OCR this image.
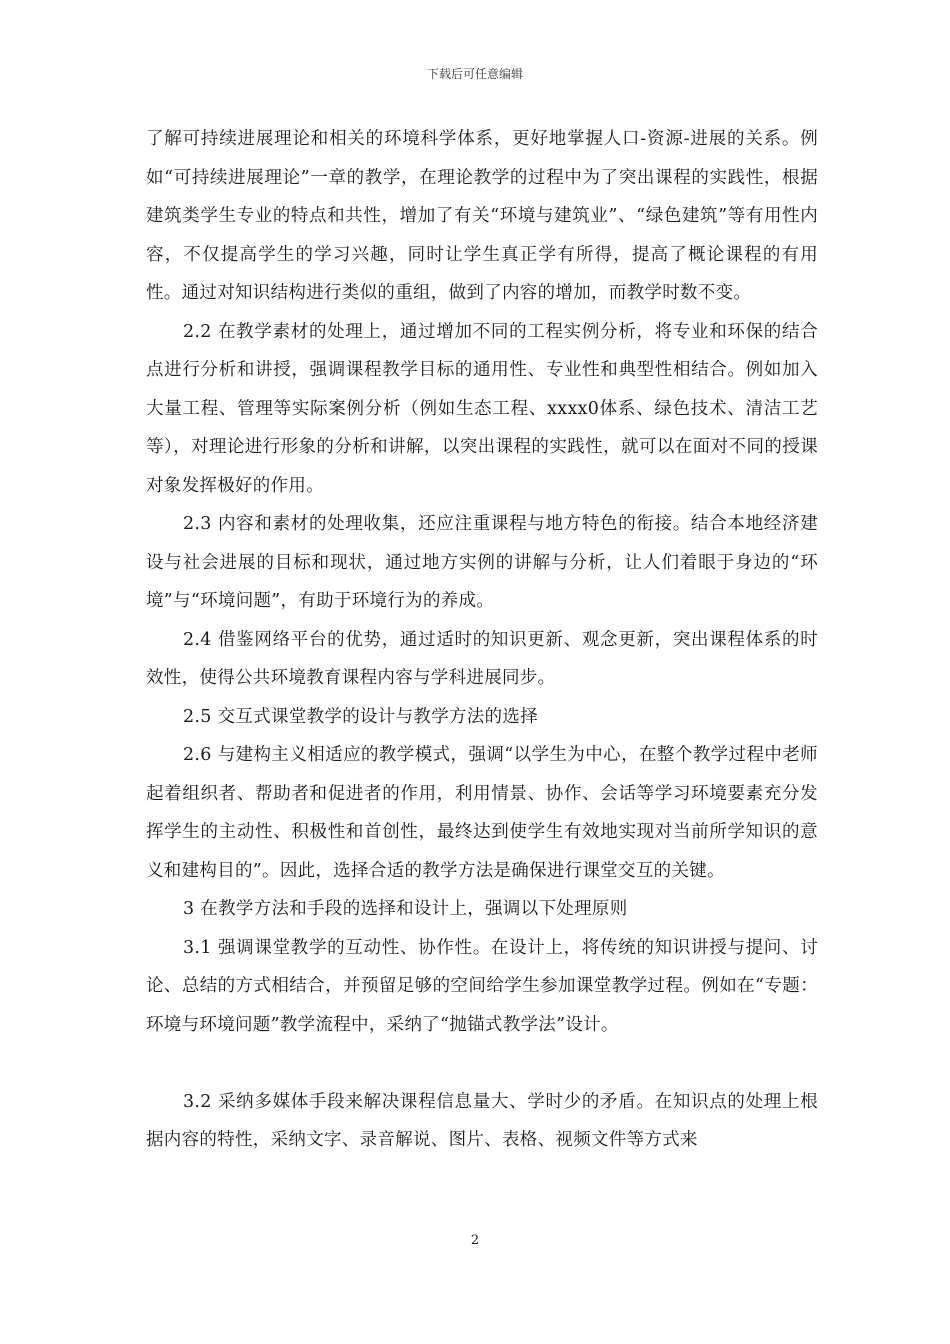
下载后可任意编辑

了解可持续进展理论和相关的环境科学体系，更好地掌握人口-资源-进展的关系。例如“可持续进展理论”一章的教学，在理论教学的过程中为了突出课程的实践性，根据建筑类学生专业的特点和共性，增加了有关“环境与建筑业”、“绿色建筑”等有用性内容，不仅提高学生的学习兴趣，同时让学生真正学有所得，提高了概论课程的有用性。通过对知识结构进行类似的重组，做到了内容的增加，而教学时数不变。

2.2 在教学素材的处理上，通过增加不同的工程实例分析，将专业和环保的结合点进行分析和讲授，强调课程教学目标的通用性、专业性和典型性相结合。例如加入大量工程、管理等实际案例分析（例如生态工程、xxxx0体系、绿色技术、清洁工艺等），对理论进行形象的分析和讲解，以突出课程的实践性，就可以在面对不同的授课对象发挥极好的作用。

2.3 内容和素材的处理收集，还应注重课程与地方特色的衔接。结合本地经济建设与社会进展的目标和现状，通过地方实例的讲解与分析，让人们着眼于身边的“环境”与“环境问题”，有助于环境行为的养成。

2.4 借鉴网络平台的优势，通过适时的知识更新、观念更新，突出课程体系的时效性，使得公共环境教育课程内容与学科进展同步。

2.5 交互式课堂教学的设计与教学方法的选择

2.6 与建构主义相适应的教学模式，强调“以学生为中心，在整个教学过程中老师起着组织者、帮助者和促进者的作用，利用情景、协作、会话等学习环境要素充分发挥学生的主动性、积极性和首创性，最终达到使学生有效地实现对当前所学知识的意义和建构目的”。因此，选择合适的教学方法是确保进行课堂交互的关键。

3 在教学方法和手段的选择和设计上，强调以下处理原则

3.1 强调课堂教学的互动性、协作性。在设计上，将传统的知识讲授与提问、讨论、总结的方式相结合，并预留足够的空间给学生参加课堂教学过程。例如在“专题：环境与环境问题”教学流程中，采纳了“抛锚式教学法”设计。

3.2 采纳多媒体手段来解决课程信息量大、学时少的矛盾。在知识点的处理上根据内容的特性，采纳文字、录音解说、图片、表格、视频文件等方式来

2
